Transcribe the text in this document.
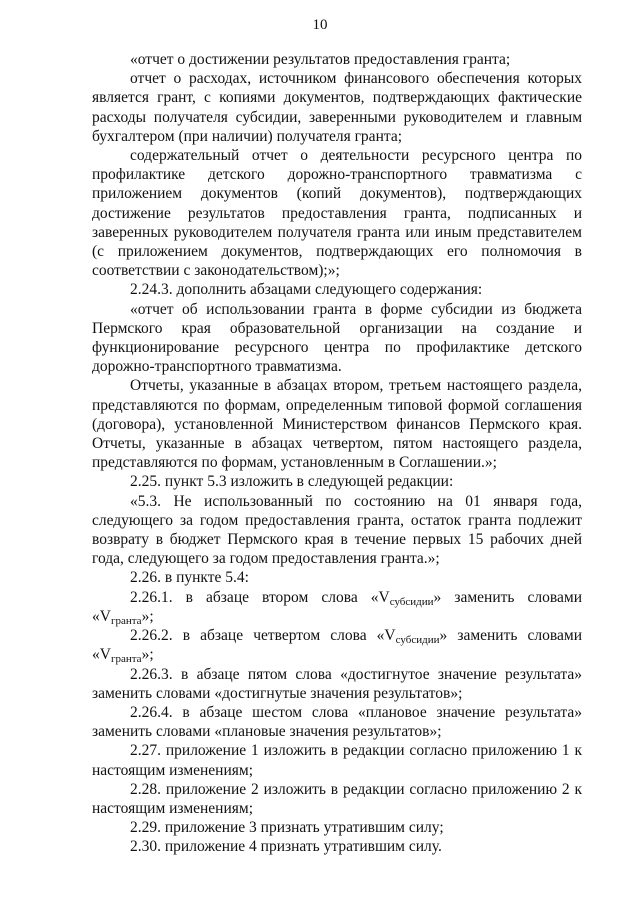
10

«отчет о достижении результатов предоставления гранта;

отчет о расходах, источником финансового обеспечения которых является грант, с копиями документов, подтверждающих фактические расходы получателя субсидии, заверенными руководителем и главным бухгалтером (при наличии) получателя гранта;

содержательный отчет о деятельности ресурсного центра по профилактике детского дорожно-транспортного травматизма с приложением документов (копий документов), подтверждающих достижение результатов предоставления гранта, подписанных и заверенных руководителем получателя гранта или иным представителем (с приложением документов, подтверждающих его полномочия в соответствии с законодательством);»;

2.24.3. дополнить абзацами следующего содержания:

«отчет об использовании гранта в форме субсидии из бюджета Пермского края образовательной организации на создание и функционирование ресурсного центра по профилактике детского дорожно-транспортного травматизма.

Отчеты, указанные в абзацах втором, третьем настоящего раздела, представляются по формам, определенным типовой формой соглашения (договора), установленной Министерством финансов Пермского края. Отчеты, указанные в абзацах четвертом, пятом настоящего раздела, представляются по формам, установленным в Соглашении.»;

2.25. пункт 5.3 изложить в следующей редакции:

«5.3. Не использованный по состоянию на 01 января года, следующего за годом предоставления гранта, остаток гранта подлежит возврату в бюджет Пермского края в течение первых 15 рабочих дней года, следующего за годом предоставления гранта.»;

2.26. в пункте 5.4:

2.26.1. в абзаце втором слова «$V_{субсидии}$» заменить словами «$V_{гранта}$»;

2.26.2. в абзаце четвертом слова «$V_{субсидии}$» заменить словами «$V_{гранта}$»;

2.26.3. в абзаце пятом слова «достигнутое значение результата» заменить словами «достигнутые значения результатов»;

2.26.4. в абзаце шестом слова «плановое значение результата» заменить словами «плановые значения результатов»;

2.27. приложение 1 изложить в редакции согласно приложению 1 к настоящим изменениям;

2.28. приложение 2 изложить в редакции согласно приложению 2 к настоящим изменениям;

2.29. приложение 3 признать утратившим силу;

2.30. приложение 4 признать утратившим силу.
